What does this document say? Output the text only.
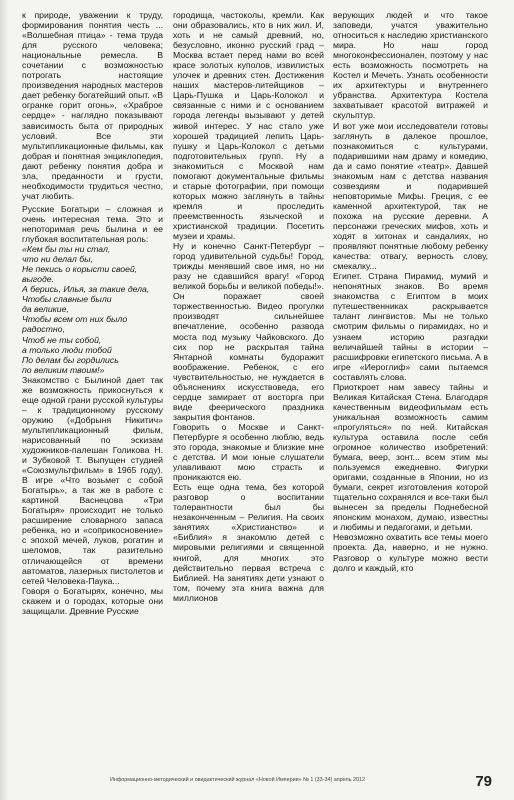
к природе, уважении к труду, формирования понятия честь ... «Волшебная птица» - тема труда для русского человека; национальные ремесла. В сочетании с возможностью потрогать настоящие произведения народных мастеров дает ребенку богатейший опыт. «В огранке горит огонь», «Храброе сердце» - наглядно показывают зависимость быта от природных условий. Все эти мультипликационные фильмы, как добрая и понятная энциклопедия, дают ребенку понятия добра и зла, преданности и грусти, необходимости трудиться честно, учат любить.

Русские Богатыри – сложная и очень интересная тема. Это и непоторимая речь былина и ее глубокая воспитательная роль:

«Кем бы ты ни стал,
что ни делал бы,
Не пекись о корысти своей,
выгоде.
А берись, Илья, за такие дела,
Чтобы славные были
да великие,
Чтобы всем от них было
радостно,
Чтоб не ты собой,
а только люди тобой
По делам бы гордились
по великим твоим!»

Знакомство с Былиной дает так же возможность прикоснуться к еще одной грани русской культуры – к традиционному русскому оружию («Добрыня Никитич» мультипликационный фильм, нарисованный по эскизам художников-палешан Голикова Н. и Зубковой Т. Выпущен студией «Союзмультфильм» в 1965 году). В игре «Что возьмет с собой Богатырь», а так же в работе с картиной Васнецова «Три Богатыря» происходит не только расширение словарного запаса ребенка, но и «соприкосновение» с эпохой мечей, луков, рогатин и шеломов, так разительно отличающейся от времени автоматов, лазерных пистолетов и сетей Человека-Паука...

Говоря о Богатырях, конечно, мы скажем и о городах, которые они защищали. Древние Русские

городища, частоколы, кремли. Как они образовались, кто в них жил. И, хоть и не самый древний, но, безусловно, иконно русский град – Москва встает перед нами во всей красе золотых куполов, извилистых улочек и древних стен. Достижения наших мастеров-литейщиков – Царь-Пушка и Царь-Колокол и связанные с ними и с основанием города легенды вызывают у детей живой интерес. У нас стало уже хорошей традицией лепить Царь-пушку и Царь-Колокол с детьми подготовительных групп. Ну а знакомиться с Москвой нам помогают документальные фильмы и старые фотографии, при помощи которых можно заглянуть в тайны кремля и проследить преемственность языческой и христианской традиции. Посетить музеи и храмы.

Ну и конечно Санкт-Петербург – город удивительной судьбы! Город, трижды менявший свое имя, но ни разу не сдавшийся врагу! «Город великой борьбы и великой победы!». Он поражает своей торжественностью. Видео прогулки производят сильнейшее впечатление, особенно развода моста под музыку Чайковского. До сих пор не раскрытая тайна Янтарной комнаты будоражит воображение. Ребенок, с его чувствительностью, не нуждается в объяснениях искусствоведа, его сердце замирает от восторга при виде феерического праздника закрытия фонтанов.

Говорить о Москве и Санкт-Петербурге я особенно люблю, ведь это города, знакомые и близкие мне с детства. И мои юные слушатели улавливают мою страсть и проникаются ею.

Есть еще одна тема, без которой разговор о воспитании толерантности был бы незаконченным – Религия. На своих занятиях «Христианство» и «Библия» я знакомлю детей с мировыми религиями и священной книгой, для многих это действительно первая встреча с Библией. На занятиях дети узнают о том, почему эта книга важна для миллионов

верующих людей и что такое заповеди, учатся уважительно относиться к наследию христианского мира. Но наш город многоконфессионален, поэтому у нас есть возможность посмотреть на Костел и Мечеть. Узнать особенности их архитектуры и внутреннего убранства. Архитектура Костела захватывает красотой витражей и скульптур.

И вот уже мои исследователи готовы заглянуть в далекое прошлое, познакомиться с культурами, подарившими нам драму и комедию, да и само понятие «театр». Давшей знакомым нам с детства названия созвездиям и подарившей неповторимые Мифы. Греция, с ее каменной архитектурой, так не похожа на русские деревни. А персонажи греческих мифов, хоть и ходят в хитонах и сандалиях, но проявляют понятные любому ребенку качества: отвагу, верность слову, смекалку...

Египет. Страна Пирамид, мумий и непонятных знаков. Во время знакомства с Египтом в моих путешественниках раскрывается талант лингвистов. Мы не только смотрим фильмы о пирамидах, но и узнаем историю разгадки величайшей тайны в истории – расшифровки египетского письма. А в игре «Иероглиф» сами пытаемся составлять слова.

Приоткроет нам завесу тайны и Великая Китайская Стена. Благодаря качественным видеофильмам есть уникальная возможность самим «прогуляться» по ней. Китайская культура оставила после себя огромное количество изобретений: бумага, веер, зонт... всем этим мы пользуемся ежедневно. Фигурки оригами, созданные в Японии, но из бумаги, секрет изготовления которой тщательно сохранялся и все-таки был вынесен за пределы Поднебесной японским монахом, думаю, известны и любимы и педагогами, и детьми.

Невозможно охватить все темы моего проекта. Да, наверно, и не нужно. Разговор о культуре можно вести долго и каждый, кто

Информационно-методический и овидактический журнал «Новой Империи» № 1 (33-34) апрель 2012	79
